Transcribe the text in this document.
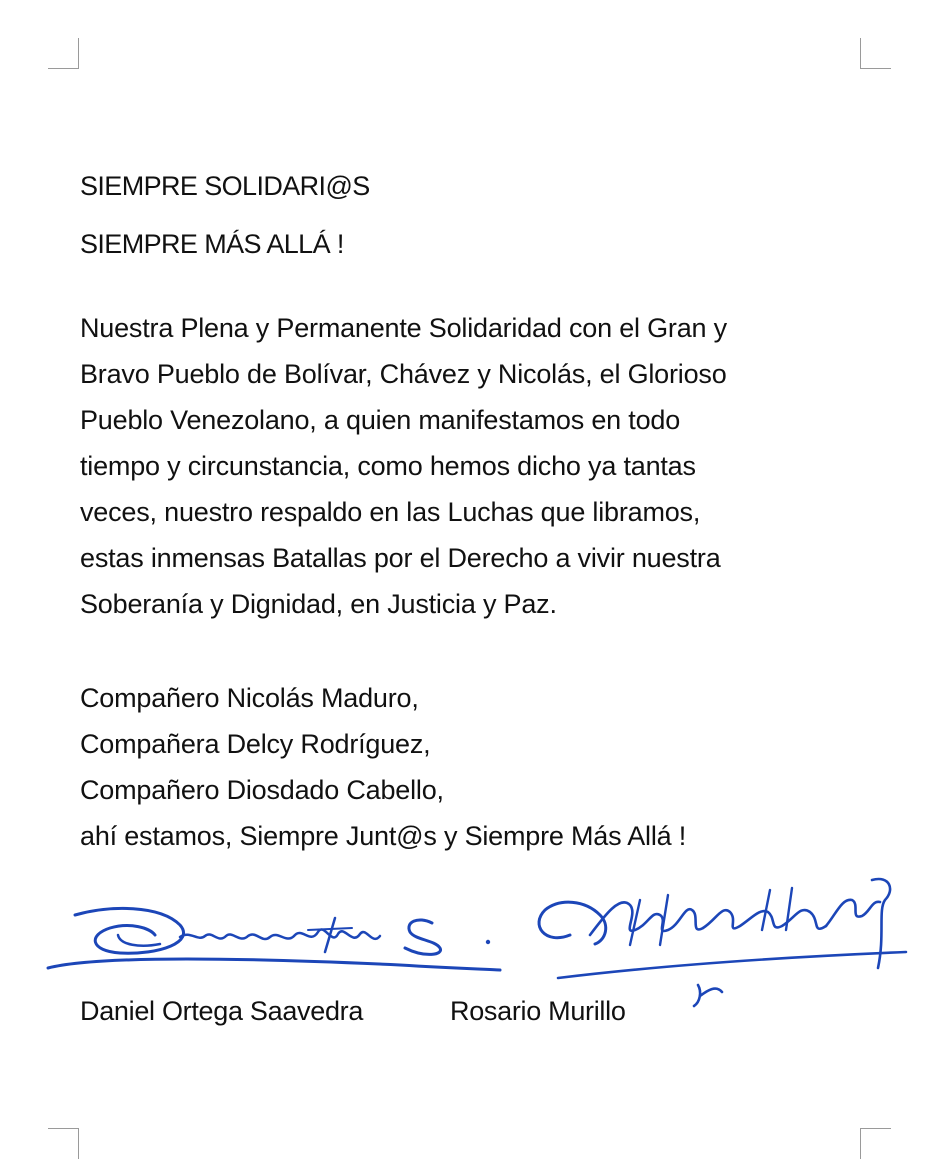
SIEMPRE SOLIDARI@S
SIEMPRE MÁS ALLÁ !
Nuestra Plena y Permanente Solidaridad con el Gran y
Bravo Pueblo de Bolívar, Chávez y Nicolás, el Glorioso
Pueblo Venezolano, a quien manifestamos en todo
tiempo y circunstancia, como hemos dicho ya tantas
veces, nuestro respaldo en las Luchas que libramos,
estas inmensas Batallas por el Derecho a vivir nuestra
Soberanía y Dignidad, en Justicia y Paz.
Compañero Nicolás Maduro,
Compañera Delcy Rodríguez,
Compañero Diosdado Cabello,
ahí estamos, Siempre Junt@s y Siempre Más Allá !
Daniel Ortega Saavedra	Rosario Murillo
